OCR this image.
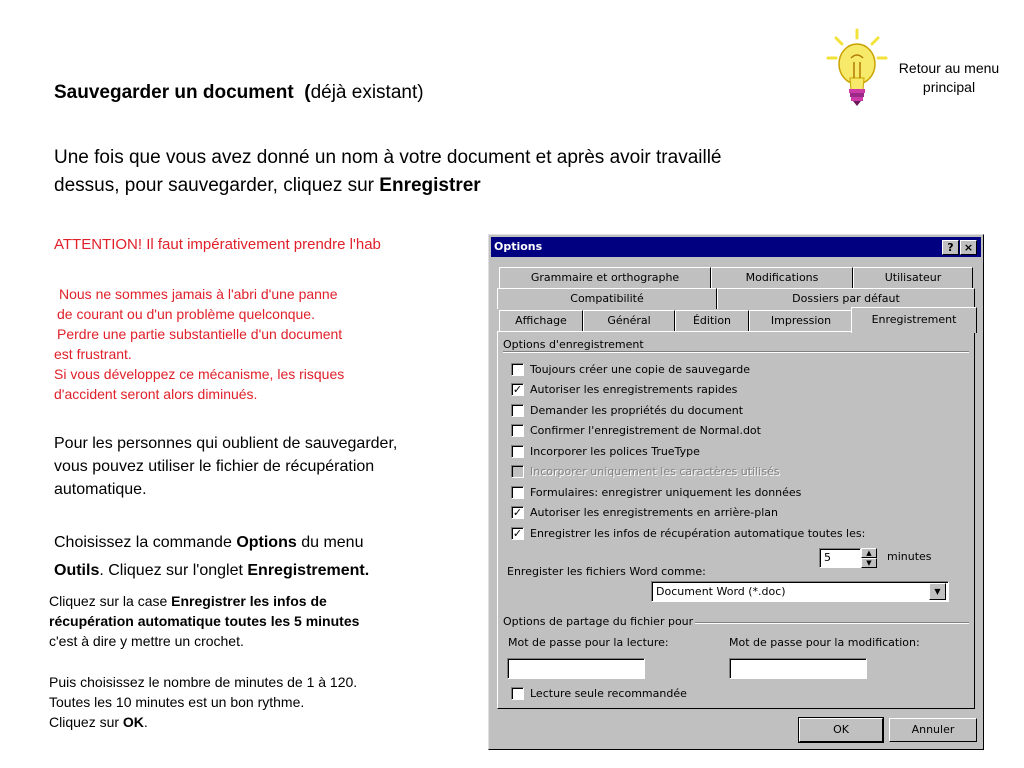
Sauvegarder un document (déjà existant)
Une fois que vous avez donné un nom à votre document et après avoir travaillé
dessus, pour sauvegarder, cliquez sur Enregistrer
ATTENTION! Il faut impérativement prendre l'hab
Nous ne sommes jamais à l'abri d'une panne
de courant ou d'un problème quelconque.
Perdre une partie substantielle d'un document
est frustrant.
Si vous développez ce mécanisme, les risques
d'accident seront alors diminués.
Pour les personnes qui oublient de sauvegarder,
vous pouvez utiliser le fichier de récupération
automatique.
Choisissez la commande Options du menu
Outils. Cliquez sur l'onglet Enregistrement.
Cliquez sur la case Enregistrer les infos de
récupération automatique toutes les 5 minutes
c'est à dire y mettre un crochet.
Puis choisissez le nombre de minutes de 1 à 120.
Toutes les 10 minutes est un bon rythme.
Cliquez sur OK.
Retour au menu
principal
Options	? ×
Grammaire et orthographe	Modifications	Utilisateur
Compatibilité	Dossiers par défaut
Affichage	Général	Édition	Impression	Enregistrement
Options d'enregistrement
Toujours créer une copie de sauvegarde
✓ Autoriser les enregistrements rapides
Demander les propriétés du document
Confirmer l'enregistrement de Normal.dot
Incorporer les polices TrueType
Incorporer uniquement les caractères utilisés
Formulaires: enregistrer uniquement les données
✓ Autoriser les enregistrements en arrière-plan
✓ Enregistrer les infos de récupération automatique toutes les:
5	▲
▼	minutes
Enregister les fichiers Word comme:
Document Word (*.doc)	▼
Options de partage du fichier pour
Mot de passe pour la lecture:	Mot de passe pour la modification:
Lecture seule recommandée
OK	Annuler
